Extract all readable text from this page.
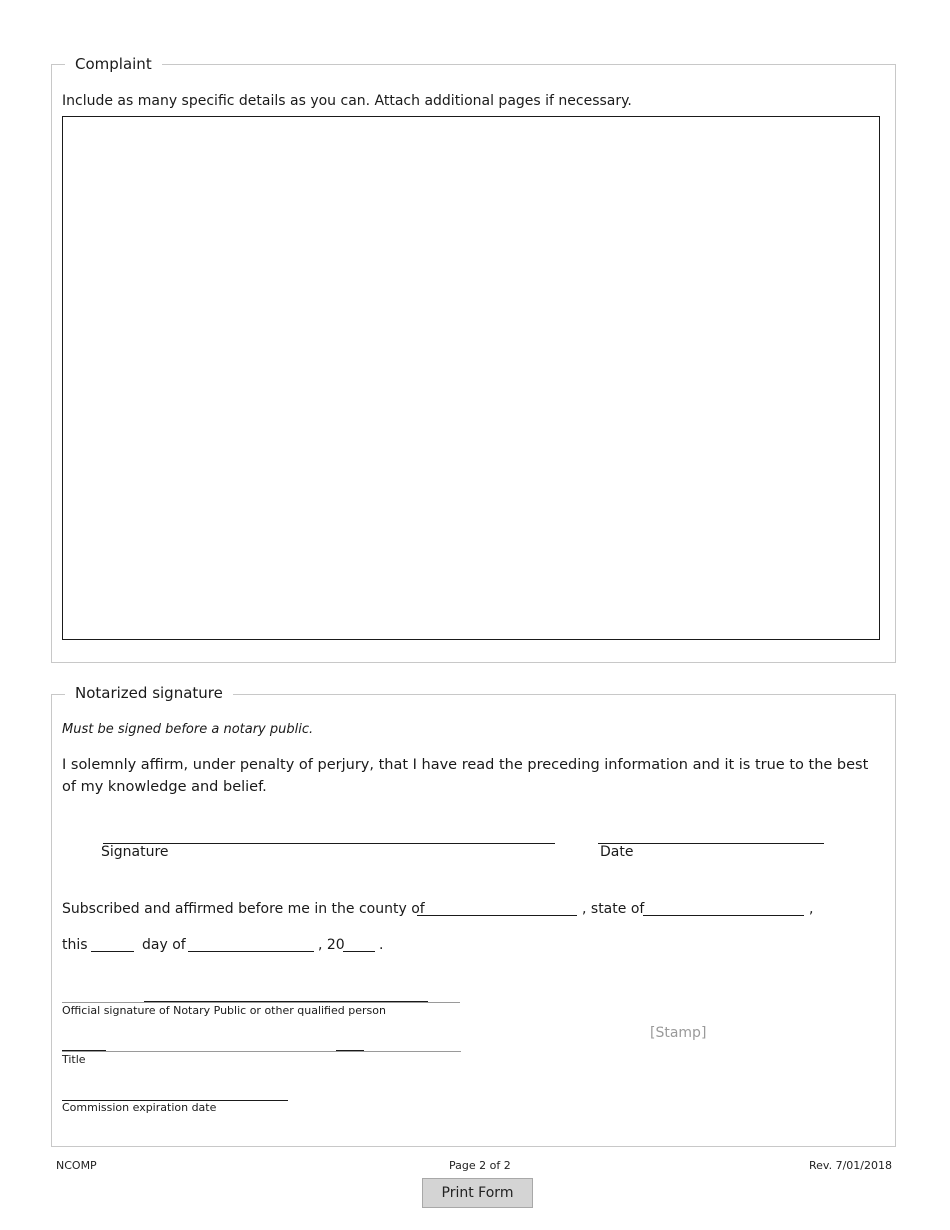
Complaint
Include as many specific details as you can. Attach additional pages if necessary.
Notarized signature
Must be signed before a notary public.
I solemnly affirm, under penalty of perjury, that I have read the preceding information and it is true to the best of my knowledge and belief.
Signature	Date
Subscribed and affirmed before me in the county of	, state of	,
this	day of	, 20 .
Official signature of Notary Public or other qualified person
Title
Commission expiration date
[Stamp]
NCOMP	Page 2 of 2	Rev. 7/01/2018
Print Form
